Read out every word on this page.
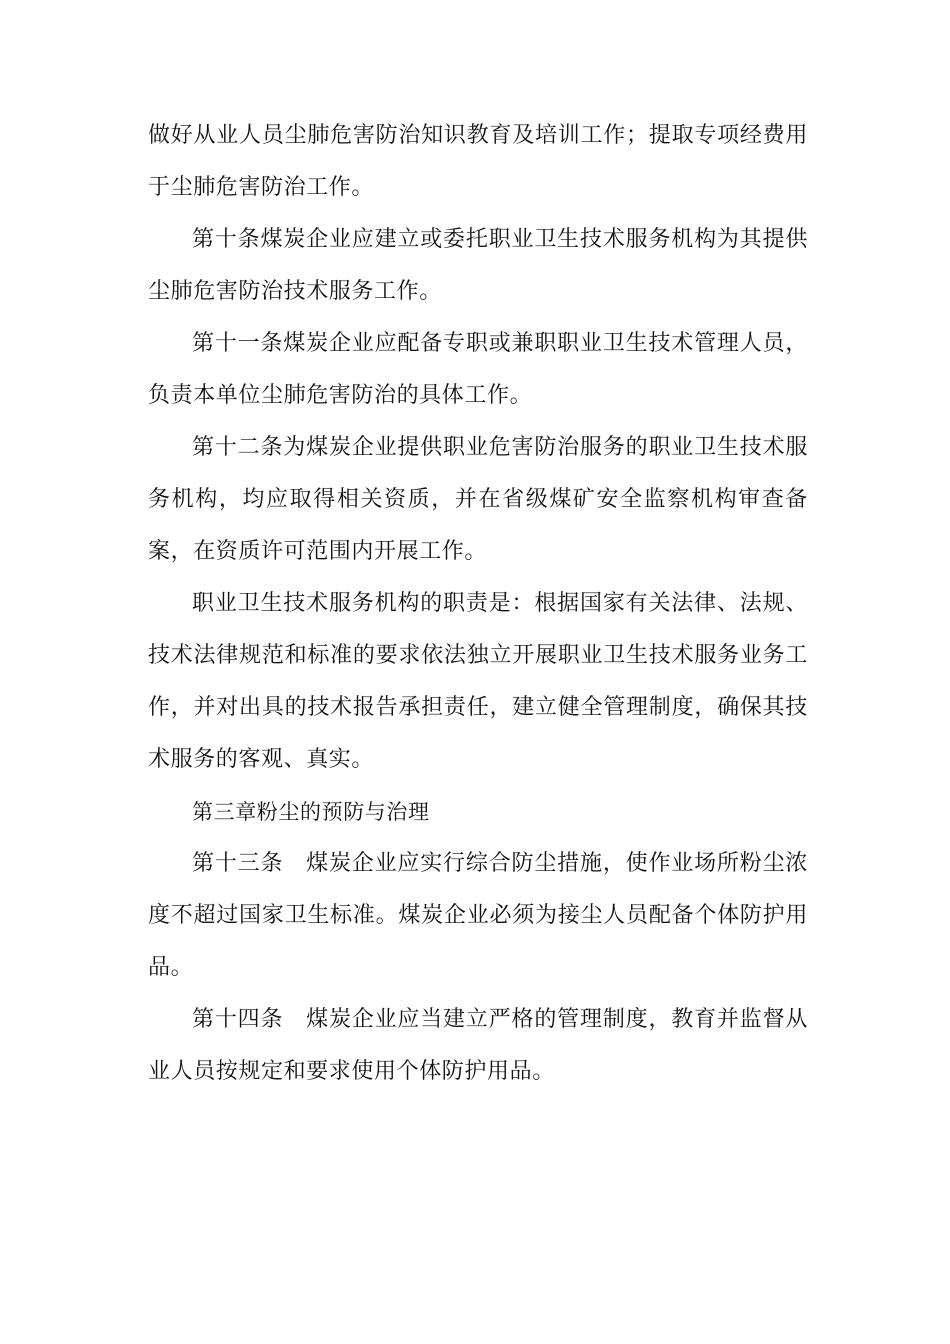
做好从业人员尘肺危害防治知识教育及培训工作；提取专项经费用于尘肺危害防治工作。

第十条煤炭企业应建立或委托职业卫生技术服务机构为其提供尘肺危害防治技术服务工作。

第十一条煤炭企业应配备专职或兼职职业卫生技术管理人员，负责本单位尘肺危害防治的具体工作。

第十二条为煤炭企业提供职业危害防治服务的职业卫生技术服务机构，均应取得相关资质，并在省级煤矿安全监察机构审查备案，在资质许可范围内开展工作。

职业卫生技术服务机构的职责是：根据国家有关法律、法规、技术法律规范和标准的要求依法独立开展职业卫生技术服务业务工作，并对出具的技术报告承担责任，建立健全管理制度，确保其技术服务的客观、真实。

第三章粉尘的预防与治理

第十三条　煤炭企业应实行综合防尘措施，使作业场所粉尘浓度不超过国家卫生标准。煤炭企业必须为接尘人员配备个体防护用品。

第十四条　煤炭企业应当建立严格的管理制度，教育并监督从业人员按规定和要求使用个体防护用品。
